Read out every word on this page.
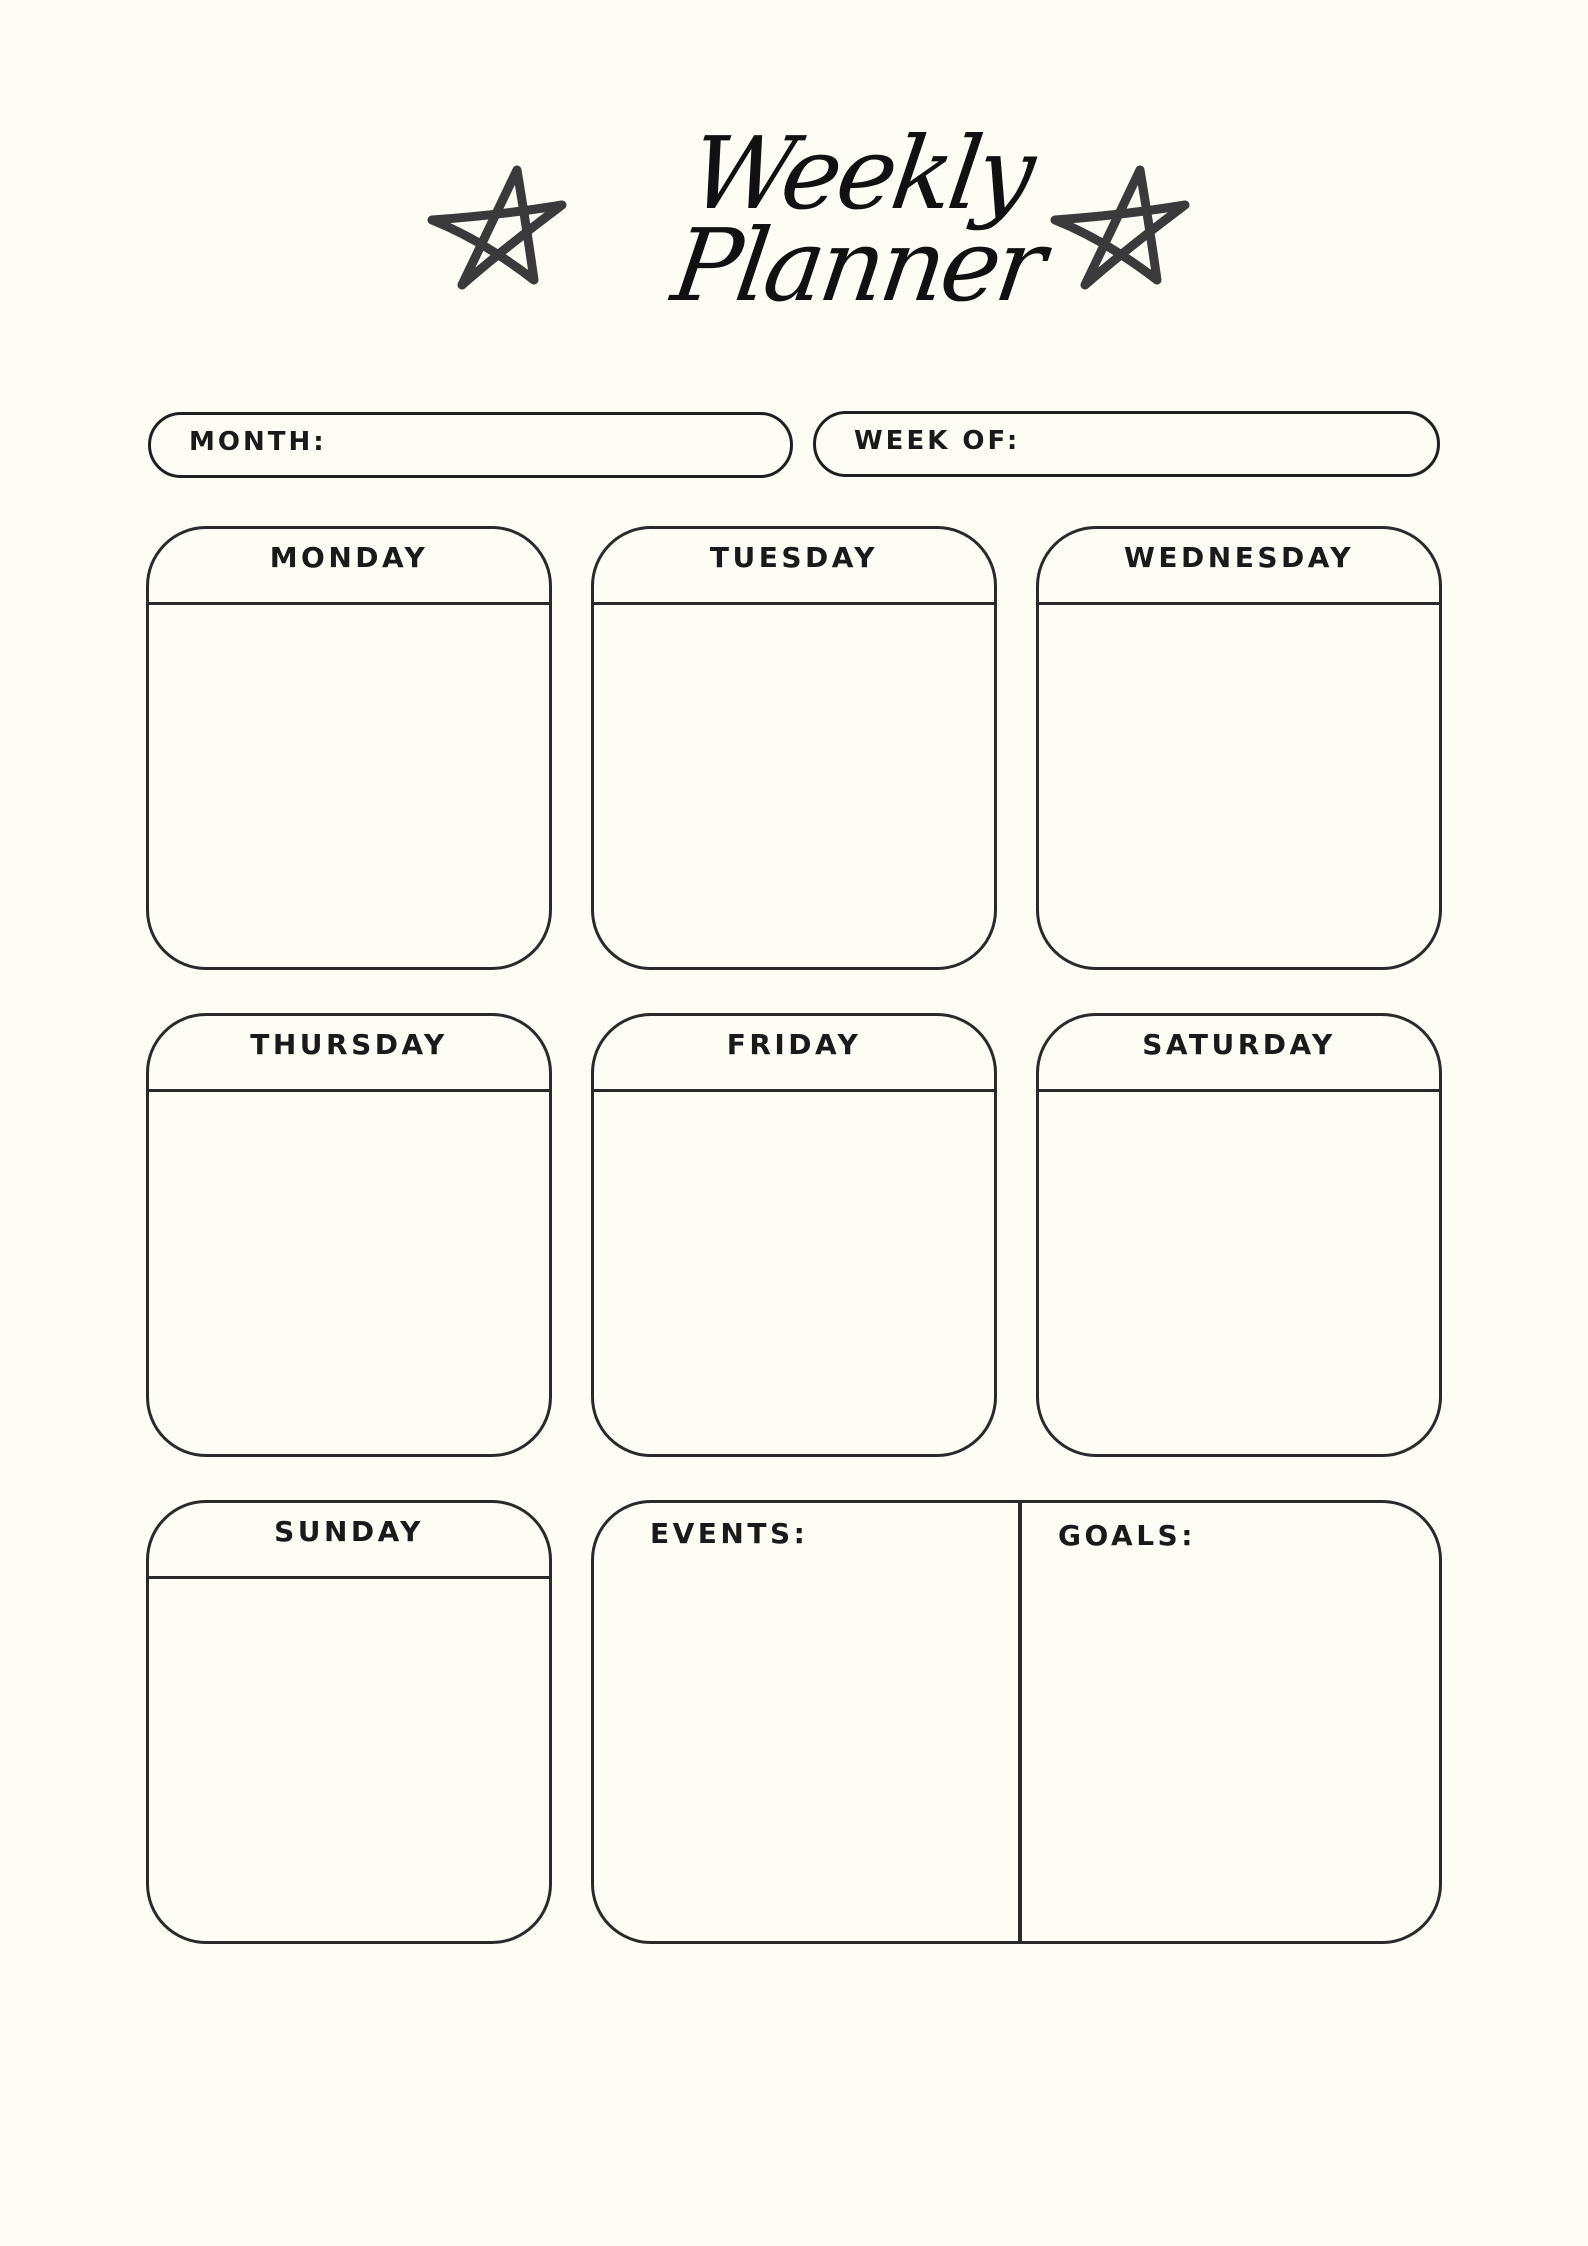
Weekly
Planner
MONTH:	WEEK OF:
MONDAY	TUESDAY	WEDNESDAY
THURSDAY	FRIDAY	SATURDAY
SUNDAY	EVENTS:	GOALS:
